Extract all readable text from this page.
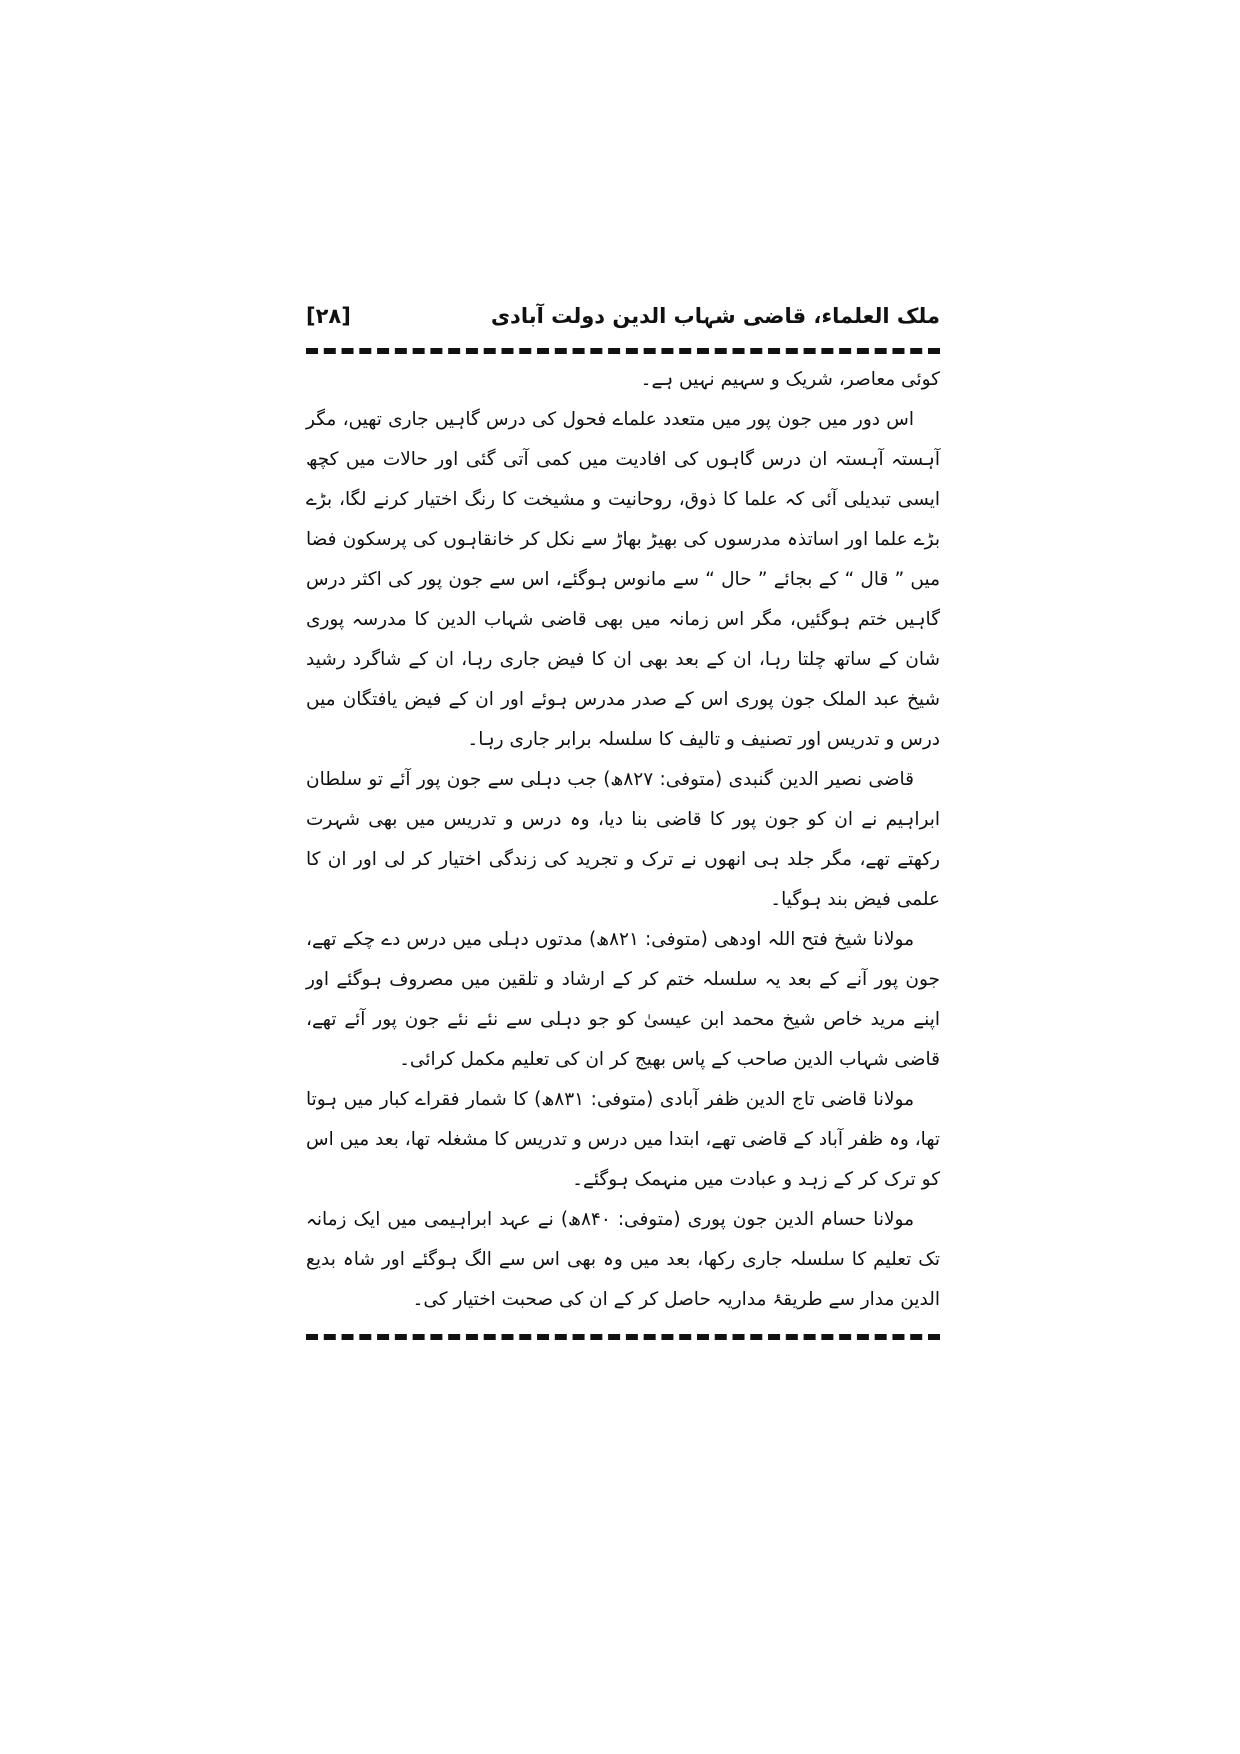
ملک العلماء، قاضی شہاب الدین دولت آبادی
[۲۸]

کوئی معاصر، شریک و سہیم نہیں ہے۔

اس دور میں جون پور میں متعدد علماے فحول کی درس گاہیں جاری تھیں، مگر آہستہ آہستہ ان درس گاہوں کی افادیت میں کمی آتی گئی اور حالات میں کچھ ایسی تبدیلی آئی کہ علما کا ذوق، روحانیت و مشیخت کا رنگ اختیار کرنے لگا، بڑے بڑے علما اور اساتذہ مدرسوں کی بھیڑ بھاڑ سے نکل کر خانقاہوں کی پرسکون فضا میں ” قال “ کے بجائے ” حال “ سے مانوس ہوگئے، اس سے جون پور کی اکثر درس گاہیں ختم ہوگئیں، مگر اس زمانہ میں بھی قاضی شہاب الدین کا مدرسہ پوری شان کے ساتھ چلتا رہا، ان کے بعد بھی ان کا فیض جاری رہا، ان کے شاگرد رشید شیخ عبد الملک جون پوری اس کے صدر مدرس ہوئے اور ان کے فیض یافتگان میں درس و تدریس اور تصنیف و تالیف کا سلسلہ برابر جاری رہا۔

قاضی نصیر الدین گنبدی (متوفی: ۸۲۷ھ) جب دہلی سے جون پور آئے تو سلطان ابراہیم نے ان کو جون پور کا قاضی بنا دیا، وہ درس و تدریس میں بھی شہرت رکھتے تھے، مگر جلد ہی انھوں نے ترک و تجرید کی زندگی اختیار کر لی اور ان کا علمی فیض بند ہوگیا۔

مولانا شیخ فتح اللہ اودھی (متوفی: ۸۲۱ھ) مدتوں دہلی میں درس دے چکے تھے، جون پور آنے کے بعد یہ سلسلہ ختم کر کے ارشاد و تلقین میں مصروف ہوگئے اور اپنے مرید خاص شیخ محمد ابن عیسیٰ کو جو دہلی سے نئے نئے جون پور آئے تھے، قاضی شہاب الدین صاحب کے پاس بھیج کر ان کی تعلیم مکمل کرائی۔

مولانا قاضی تاج الدین ظفر آبادی (متوفی: ۸۳۱ھ) کا شمار فقراے کبار میں ہوتا تھا، وہ ظفر آباد کے قاضی تھے، ابتدا میں درس و تدریس کا مشغلہ تھا، بعد میں اس کو ترک کر کے زہد و عبادت میں منہمک ہوگئے۔

مولانا حسام الدین جون پوری (متوفی: ۸۴۰ھ) نے عہد ابراہیمی میں ایک زمانہ تک تعلیم کا سلسلہ جاری رکھا، بعد میں وہ بھی اس سے الگ ہوگئے اور شاہ بدیع الدین مدار سے طریقۂ مداریہ حاصل کر کے ان کی صحبت اختیار کی۔
